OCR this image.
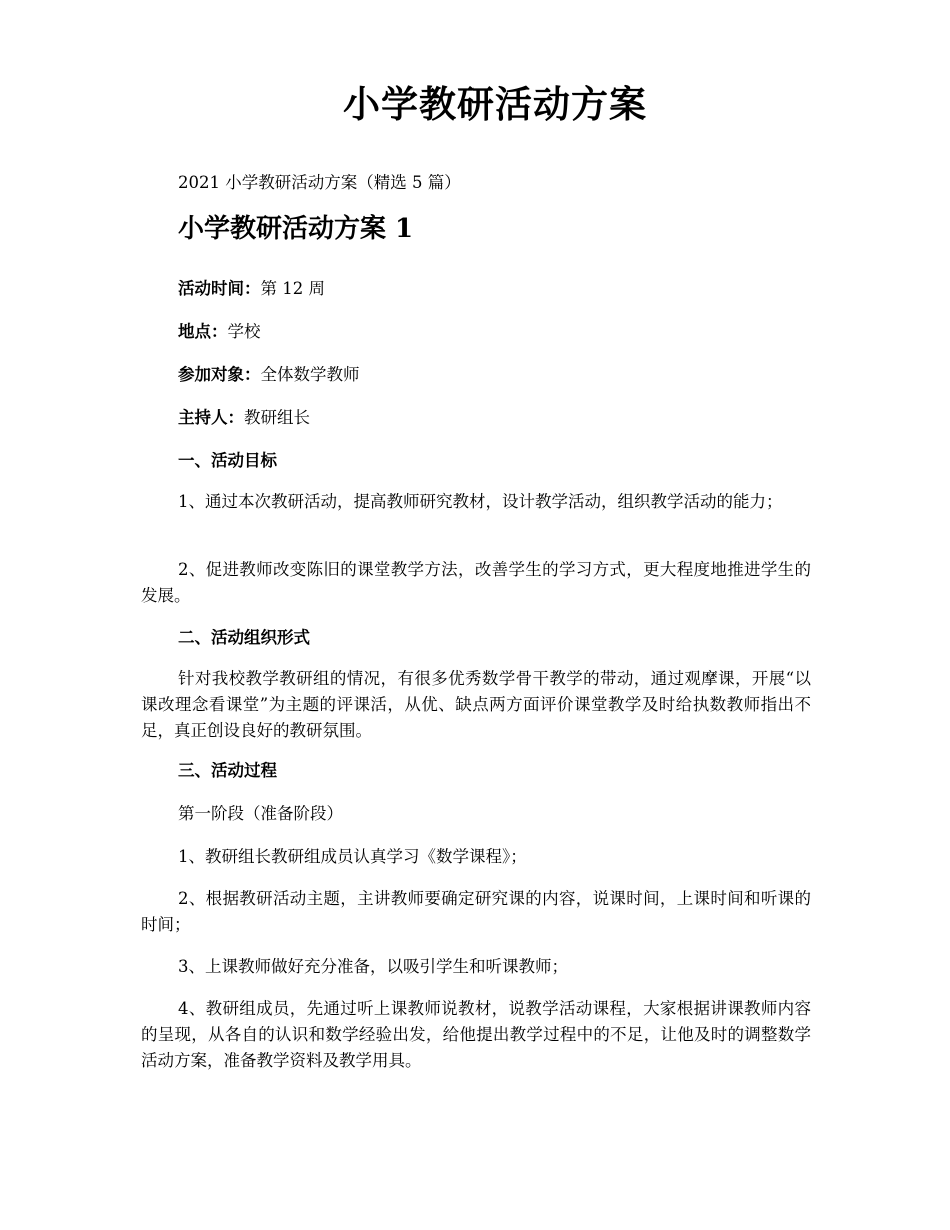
小学教研活动方案
2021 小学教研活动方案（精选 5 篇）
小学教研活动方案 1
活动时间：第 12 周
地点：学校
参加对象：全体数学教师
主持人：教研组长
一、活动目标
1、通过本次教研活动，提高教师研究教材，设计教学活动，组织教学活动的能力；
2、促进教师改变陈旧的课堂教学方法，改善学生的学习方式，更大程度地推进学生的发展。
二、活动组织形式
针对我校教学教研组的情况，有很多优秀数学骨干教学的带动，通过观摩课，开展“以课改理念看课堂”为主题的评课活，从优、缺点两方面评价课堂教学及时给执数教师指出不足，真正创设良好的教研氛围。
三、活动过程
第一阶段（准备阶段）
1、教研组长教研组成员认真学习《数学课程》；
2、根据教研活动主题，主讲教师要确定研究课的内容，说课时间，上课时间和听课的时间；
3、上课教师做好充分准备，以吸引学生和听课教师；
4、教研组成员，先通过听上课教师说教材，说教学活动课程，大家根据讲课教师内容的呈现，从各自的认识和数学经验出发，给他提出教学过程中的不足，让他及时的调整数学活动方案，准备教学资料及教学用具。
